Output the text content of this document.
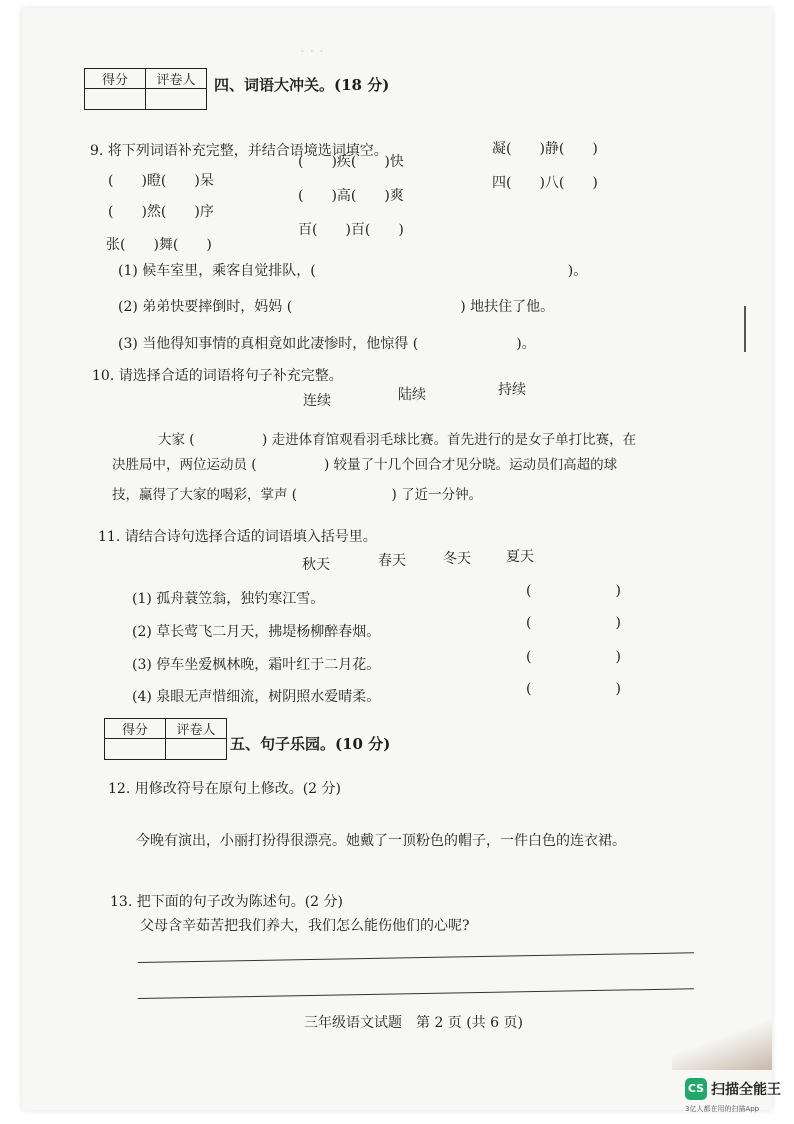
· · ·
得分	评卷人
	四、词语大冲关。(18 分)
9. 将下列词语补充完整，并结合语境选词填空。
(　　)瞪(　　)呆
(　　)然(　　)序
张(　　)舞(　　)
(　　)疾(　　)快
(　　)高(　　)爽
百(　　)百(　　)
凝(　　)静(　　)
四(　　)八(　　)
(1) 候车室里，乘客自觉排队，(　　　　　　　　　　　　　　　　　　)。
(2) 弟弟快要摔倒时，妈妈 (　　　　　　　　　　　　) 地扶住了他。
(3) 当他得知事情的真相竟如此凄惨时，他惊得 (　　　　　　　)。
10. 请选择合适的词语将句子补充完整。
连续	陆续	持续
大家 (　　　　　) 走进体育馆观看羽毛球比赛。首先进行的是女子单打比赛，在
决胜局中，两位运动员 (　　　　　) 较量了十几个回合才见分晓。运动员们高超的球
技，赢得了大家的喝彩，掌声 (　　　　　　　) 了近一分钟。
11. 请结合诗句选择合适的词语填入括号里。
秋天	春天	冬天	夏天
(1) 孤舟蓑笠翁，独钓寒江雪。
(2) 草长莺飞二月天，拂堤杨柳醉春烟。
(3) 停车坐爱枫林晚，霜叶红于二月花。
(4) 泉眼无声惜细流，树阴照水爱晴柔。
(　　　　　　)
(　　　　　　)
(　　　　　　)
(　　　　　　)
得分	评卷人

五、句子乐园。(10 分)
12. 用修改符号在原句上修改。(2 分)
今晚有演出，小丽打扮得很漂亮。她戴了一顶粉色的帽子，一件白色的连衣裙。
13. 把下面的句子改为陈述句。(2 分)
父母含辛茹苦把我们养大，我们怎么能伤他们的心呢?
三年级语文试题　第 2 页 (共 6 页)
CS 扫描全能王
3亿人都在用的扫描App
